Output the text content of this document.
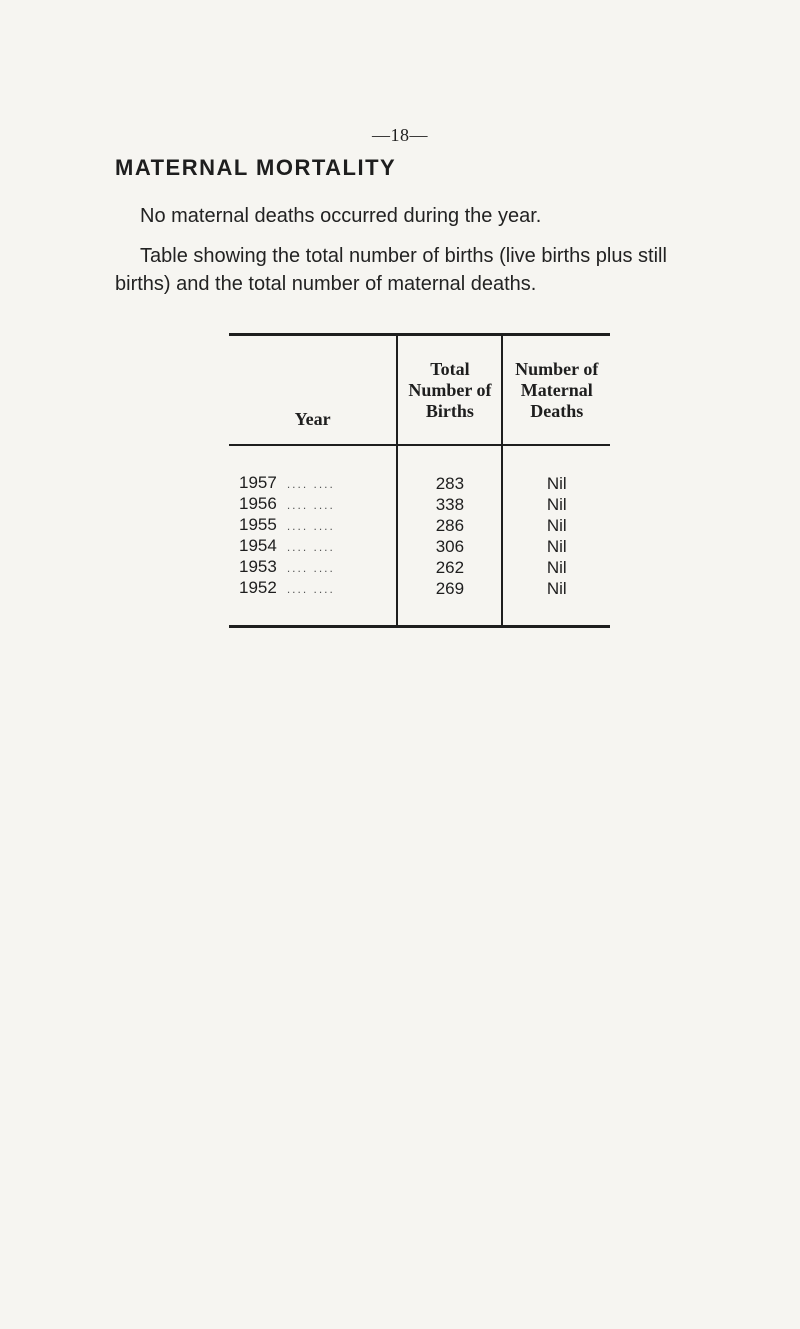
—18—
MATERNAL MORTALITY
No maternal deaths occurred during the year.
Table showing the total number of births (live births plus still births) and the total number of maternal deaths.
Year	Total Number of Births	Number of Maternal Deaths
1957 .... ....	283	Nil
1956 .... ....	338	Nil
1955 .... ....	286	Nil
1954 .... ....	306	Nil
1953 .... ....	262	Nil
1952 .... ....	269	Nil
